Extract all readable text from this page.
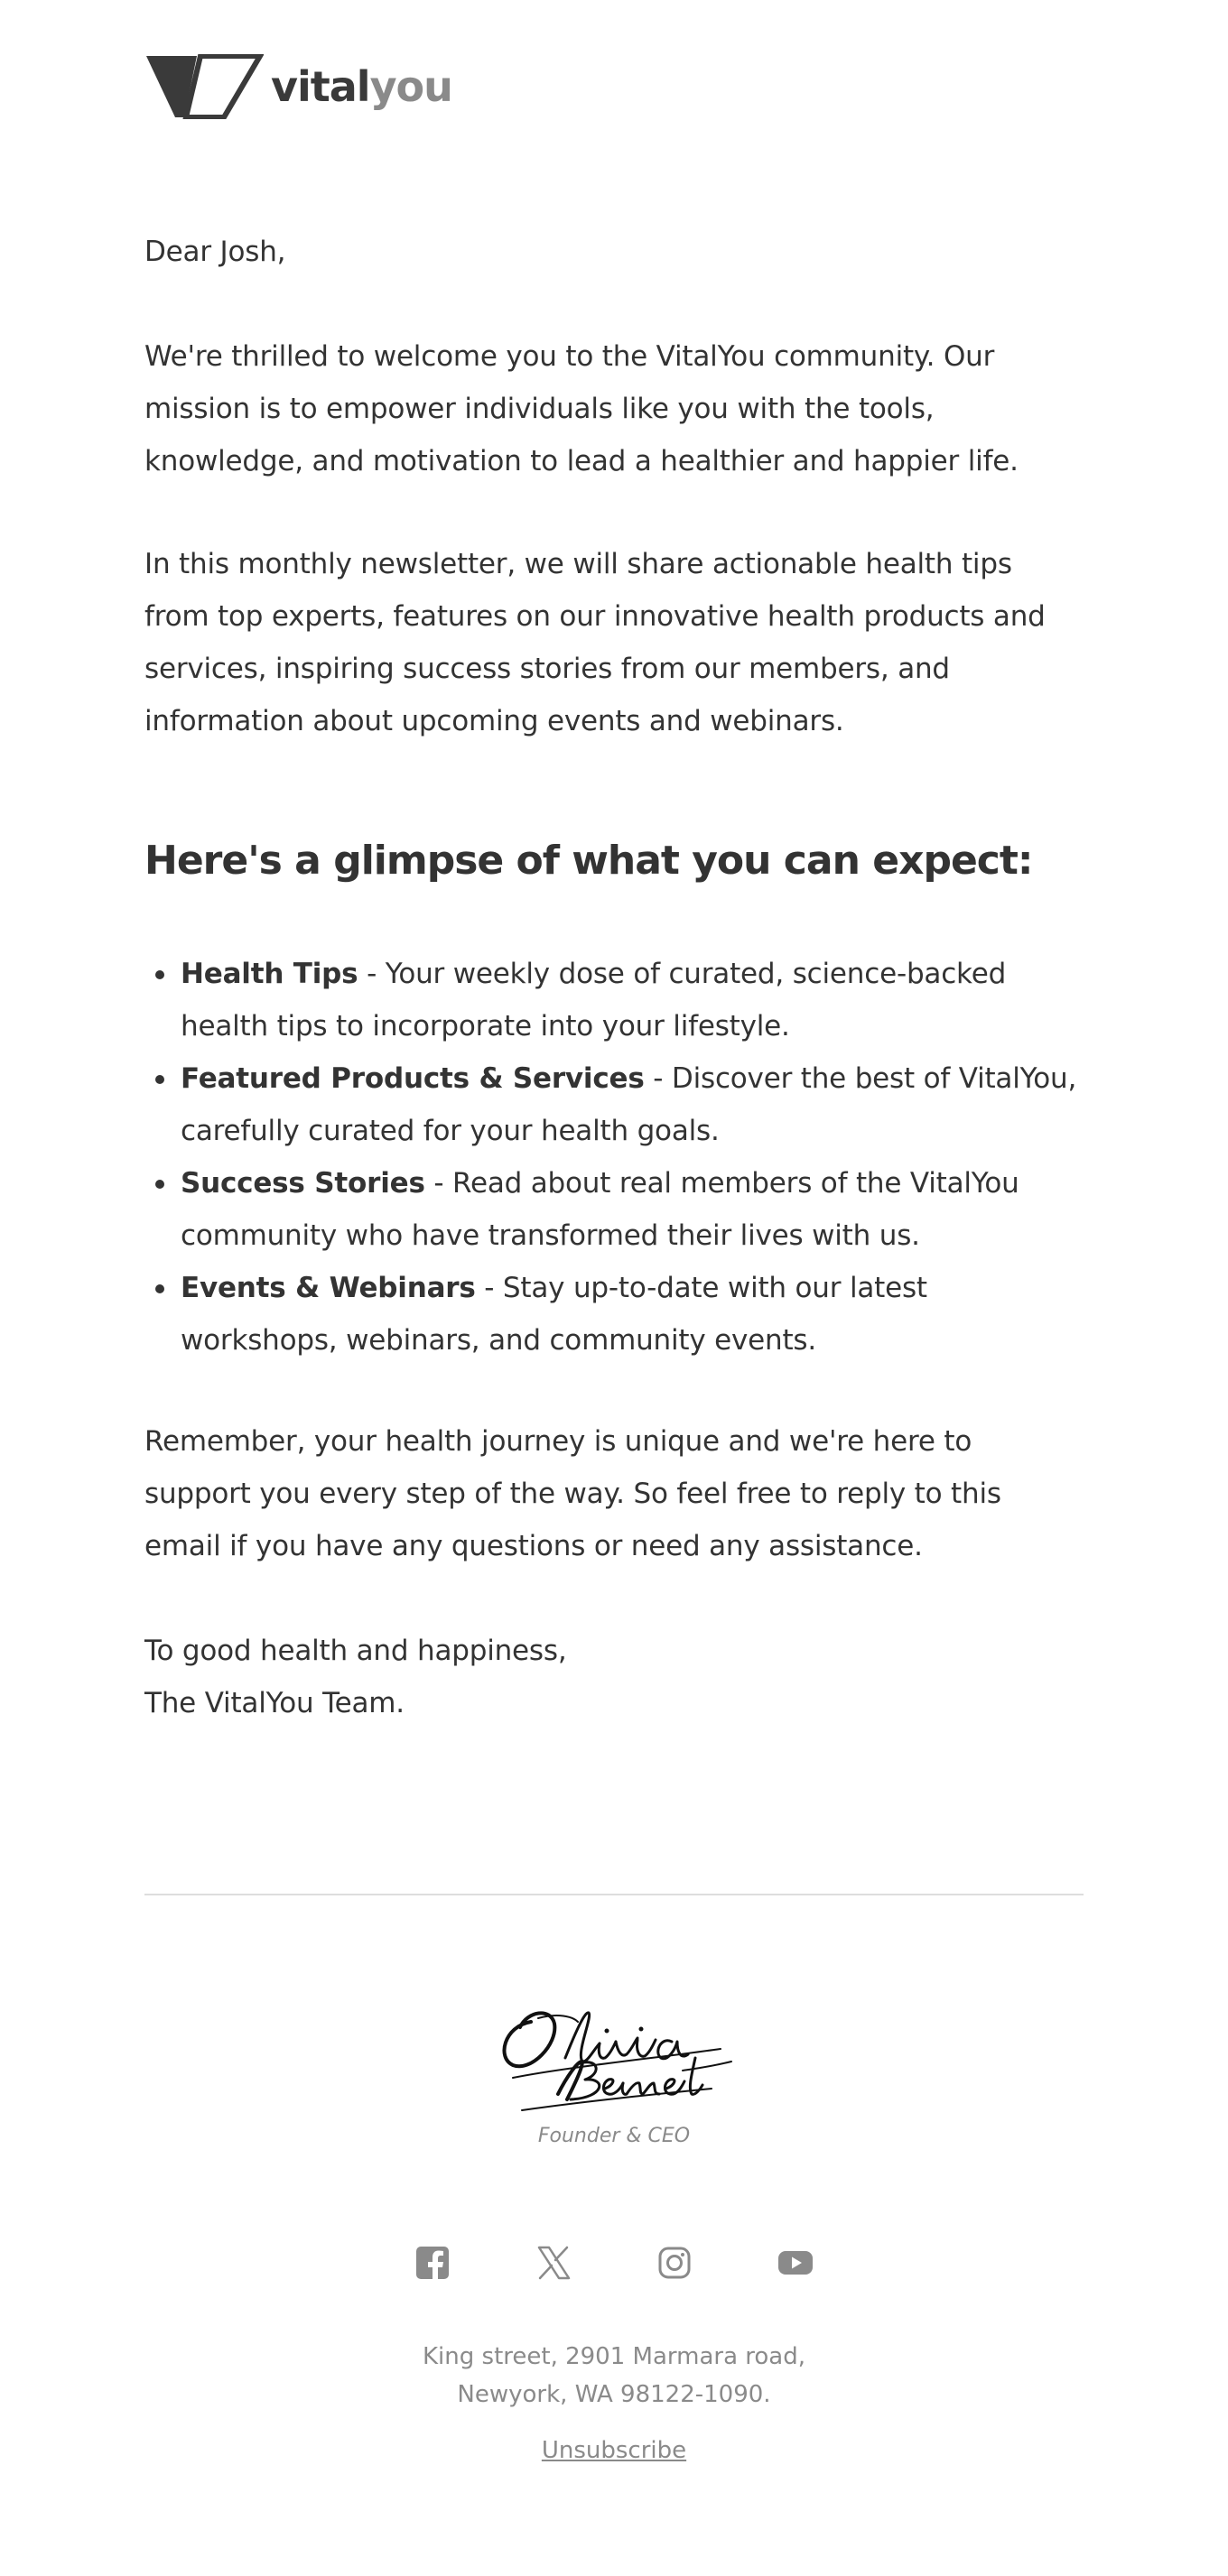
vitalyou

Dear Josh,

We're thrilled to welcome you to the VitalYou community. Our mission is to empower individuals like you with the tools, knowledge, and motivation to lead a healthier and happier life.

In this monthly newsletter, we will share actionable health tips from top experts, features on our innovative health products and services, inspiring success stories from our members, and information about upcoming events and webinars.

Here's a glimpse of what you can expect:
Health Tips - Your weekly dose of curated, science-backed health tips to incorporate into your lifestyle.
Featured Products & Services - Discover the best of VitalYou, carefully curated for your health goals.
Success Stories - Read about real members of the VitalYou community who have transformed their lives with us.
Events & Webinars - Stay up-to-date with our latest workshops, webinars, and community events.

Remember, your health journey is unique and we're here to support you every step of the way. So feel free to reply to this email if you have any questions or need any assistance.

To good health and happiness,

The VitalYou Team.

Founder & CEO
King street, 2901 Marmara road,
Newyork, WA 98122-1090.
Unsubscribe
